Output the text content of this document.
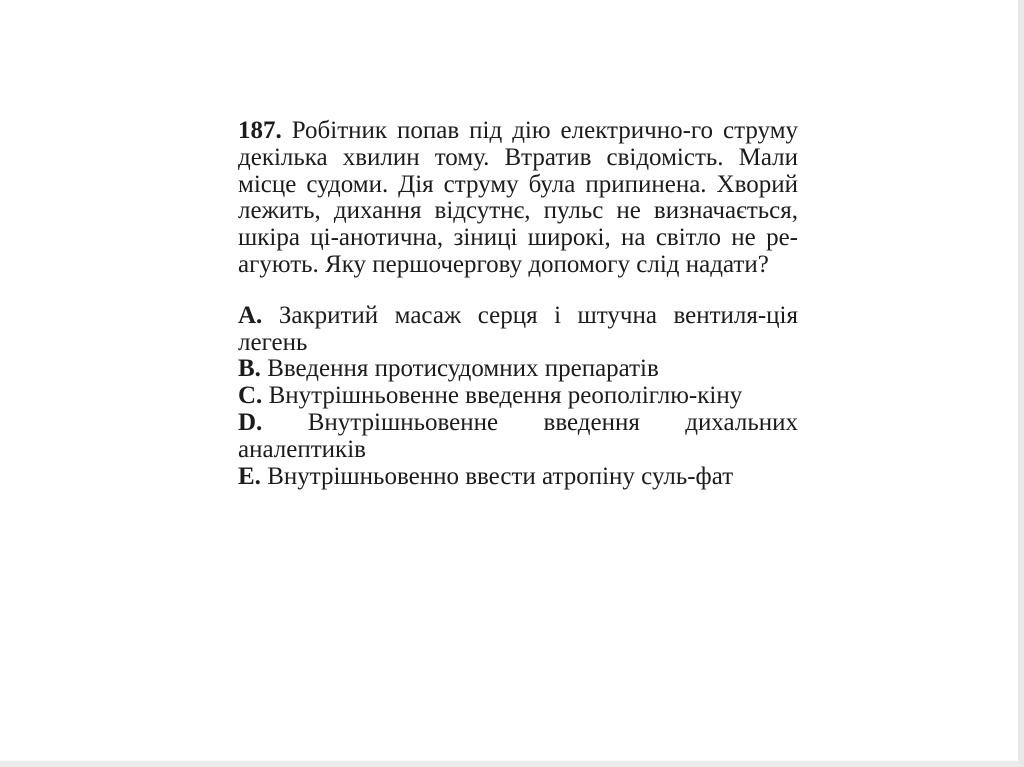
187. Робітник попав під дію електрично-го струму декілька хвилин тому. Втратив свідомість. Мали місце судоми. Дія струму була припинена. Хворий лежить, дихання відсутнє, пульс не визначається, шкіра ці-анотична, зіниці широкі, на світло не ре-агують. Яку першочергову допомогу слід надати?

A. Закритий масаж серця і штучна вентиля-ція легень
B. Введення протисудомних препаратів
C. Внутрішньовенне введення реополіглю-кіну
D. Внутрішньовенне введення дихальних аналептиків
E. Внутрішньовенно ввести атропіну суль-фат
